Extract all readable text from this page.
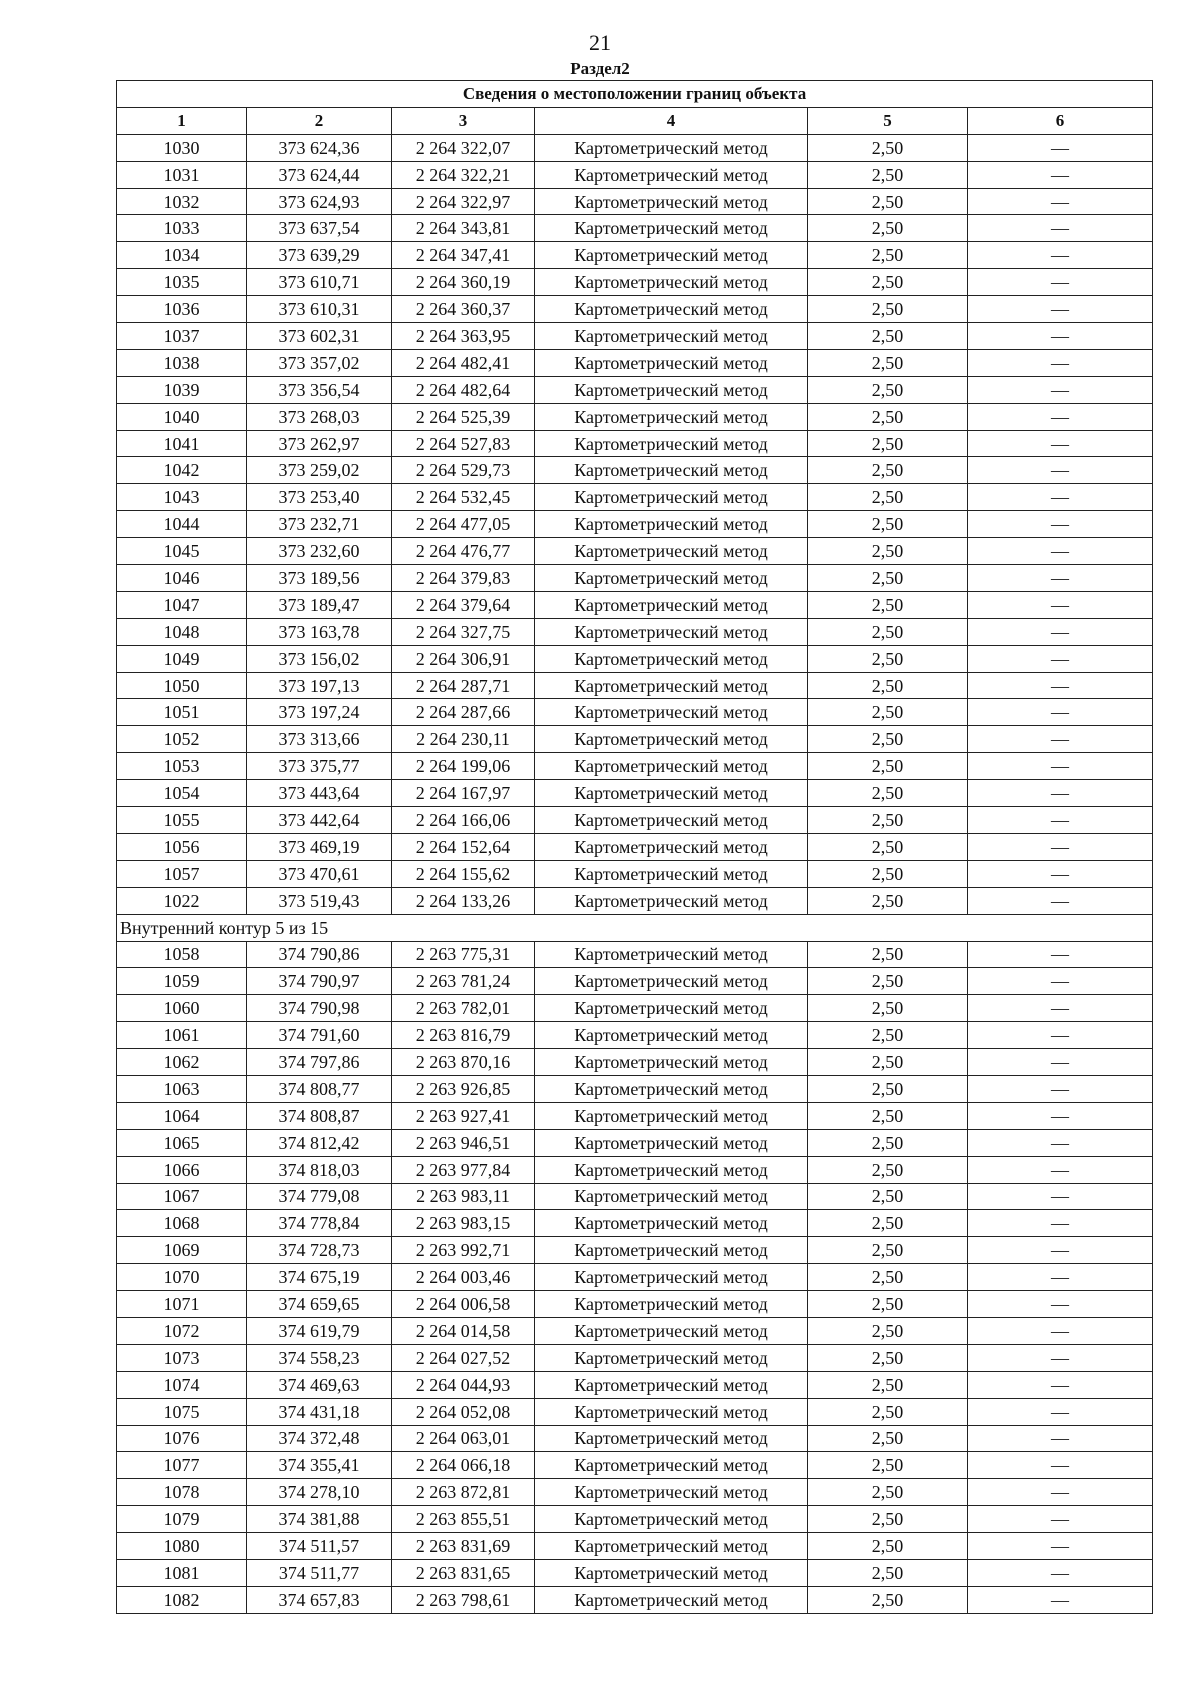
21
Раздел2
Сведения о местоположении границ объекта					
1	2	3	4	5	6
1030	373 624,36	2 264 322,07	Картометрический метод	2,50	—
1031	373 624,44	2 264 322,21	Картометрический метод	2,50	—
1032	373 624,93	2 264 322,97	Картометрический метод	2,50	—
1033	373 637,54	2 264 343,81	Картометрический метод	2,50	—
1034	373 639,29	2 264 347,41	Картометрический метод	2,50	—
1035	373 610,71	2 264 360,19	Картометрический метод	2,50	—
1036	373 610,31	2 264 360,37	Картометрический метод	2,50	—
1037	373 602,31	2 264 363,95	Картометрический метод	2,50	—
1038	373 357,02	2 264 482,41	Картометрический метод	2,50	—
1039	373 356,54	2 264 482,64	Картометрический метод	2,50	—
1040	373 268,03	2 264 525,39	Картометрический метод	2,50	—
1041	373 262,97	2 264 527,83	Картометрический метод	2,50	—
1042	373 259,02	2 264 529,73	Картометрический метод	2,50	—
1043	373 253,40	2 264 532,45	Картометрический метод	2,50	—
1044	373 232,71	2 264 477,05	Картометрический метод	2,50	—
1045	373 232,60	2 264 476,77	Картометрический метод	2,50	—
1046	373 189,56	2 264 379,83	Картометрический метод	2,50	—
1047	373 189,47	2 264 379,64	Картометрический метод	2,50	—
1048	373 163,78	2 264 327,75	Картометрический метод	2,50	—
1049	373 156,02	2 264 306,91	Картометрический метод	2,50	—
1050	373 197,13	2 264 287,71	Картометрический метод	2,50	—
1051	373 197,24	2 264 287,66	Картометрический метод	2,50	—
1052	373 313,66	2 264 230,11	Картометрический метод	2,50	—
1053	373 375,77	2 264 199,06	Картометрический метод	2,50	—
1054	373 443,64	2 264 167,97	Картометрический метод	2,50	—
1055	373 442,64	2 264 166,06	Картометрический метод	2,50	—
1056	373 469,19	2 264 152,64	Картометрический метод	2,50	—
1057	373 470,61	2 264 155,62	Картометрический метод	2,50	—
1022	373 519,43	2 264 133,26	Картометрический метод	2,50	—
Внутренний контур 5 из 15					
1058	374 790,86	2 263 775,31	Картометрический метод	2,50	—
1059	374 790,97	2 263 781,24	Картометрический метод	2,50	—
1060	374 790,98	2 263 782,01	Картометрический метод	2,50	—
1061	374 791,60	2 263 816,79	Картометрический метод	2,50	—
1062	374 797,86	2 263 870,16	Картометрический метод	2,50	—
1063	374 808,77	2 263 926,85	Картометрический метод	2,50	—
1064	374 808,87	2 263 927,41	Картометрический метод	2,50	—
1065	374 812,42	2 263 946,51	Картометрический метод	2,50	—
1066	374 818,03	2 263 977,84	Картометрический метод	2,50	—
1067	374 779,08	2 263 983,11	Картометрический метод	2,50	—
1068	374 778,84	2 263 983,15	Картометрический метод	2,50	—
1069	374 728,73	2 263 992,71	Картометрический метод	2,50	—
1070	374 675,19	2 264 003,46	Картометрический метод	2,50	—
1071	374 659,65	2 264 006,58	Картометрический метод	2,50	—
1072	374 619,79	2 264 014,58	Картометрический метод	2,50	—
1073	374 558,23	2 264 027,52	Картометрический метод	2,50	—
1074	374 469,63	2 264 044,93	Картометрический метод	2,50	—
1075	374 431,18	2 264 052,08	Картометрический метод	2,50	—
1076	374 372,48	2 264 063,01	Картометрический метод	2,50	—
1077	374 355,41	2 264 066,18	Картометрический метод	2,50	—
1078	374 278,10	2 263 872,81	Картометрический метод	2,50	—
1079	374 381,88	2 263 855,51	Картометрический метод	2,50	—
1080	374 511,57	2 263 831,69	Картометрический метод	2,50	—
1081	374 511,77	2 263 831,65	Картометрический метод	2,50	—
1082	374 657,83	2 263 798,61	Картометрический метод	2,50	—
